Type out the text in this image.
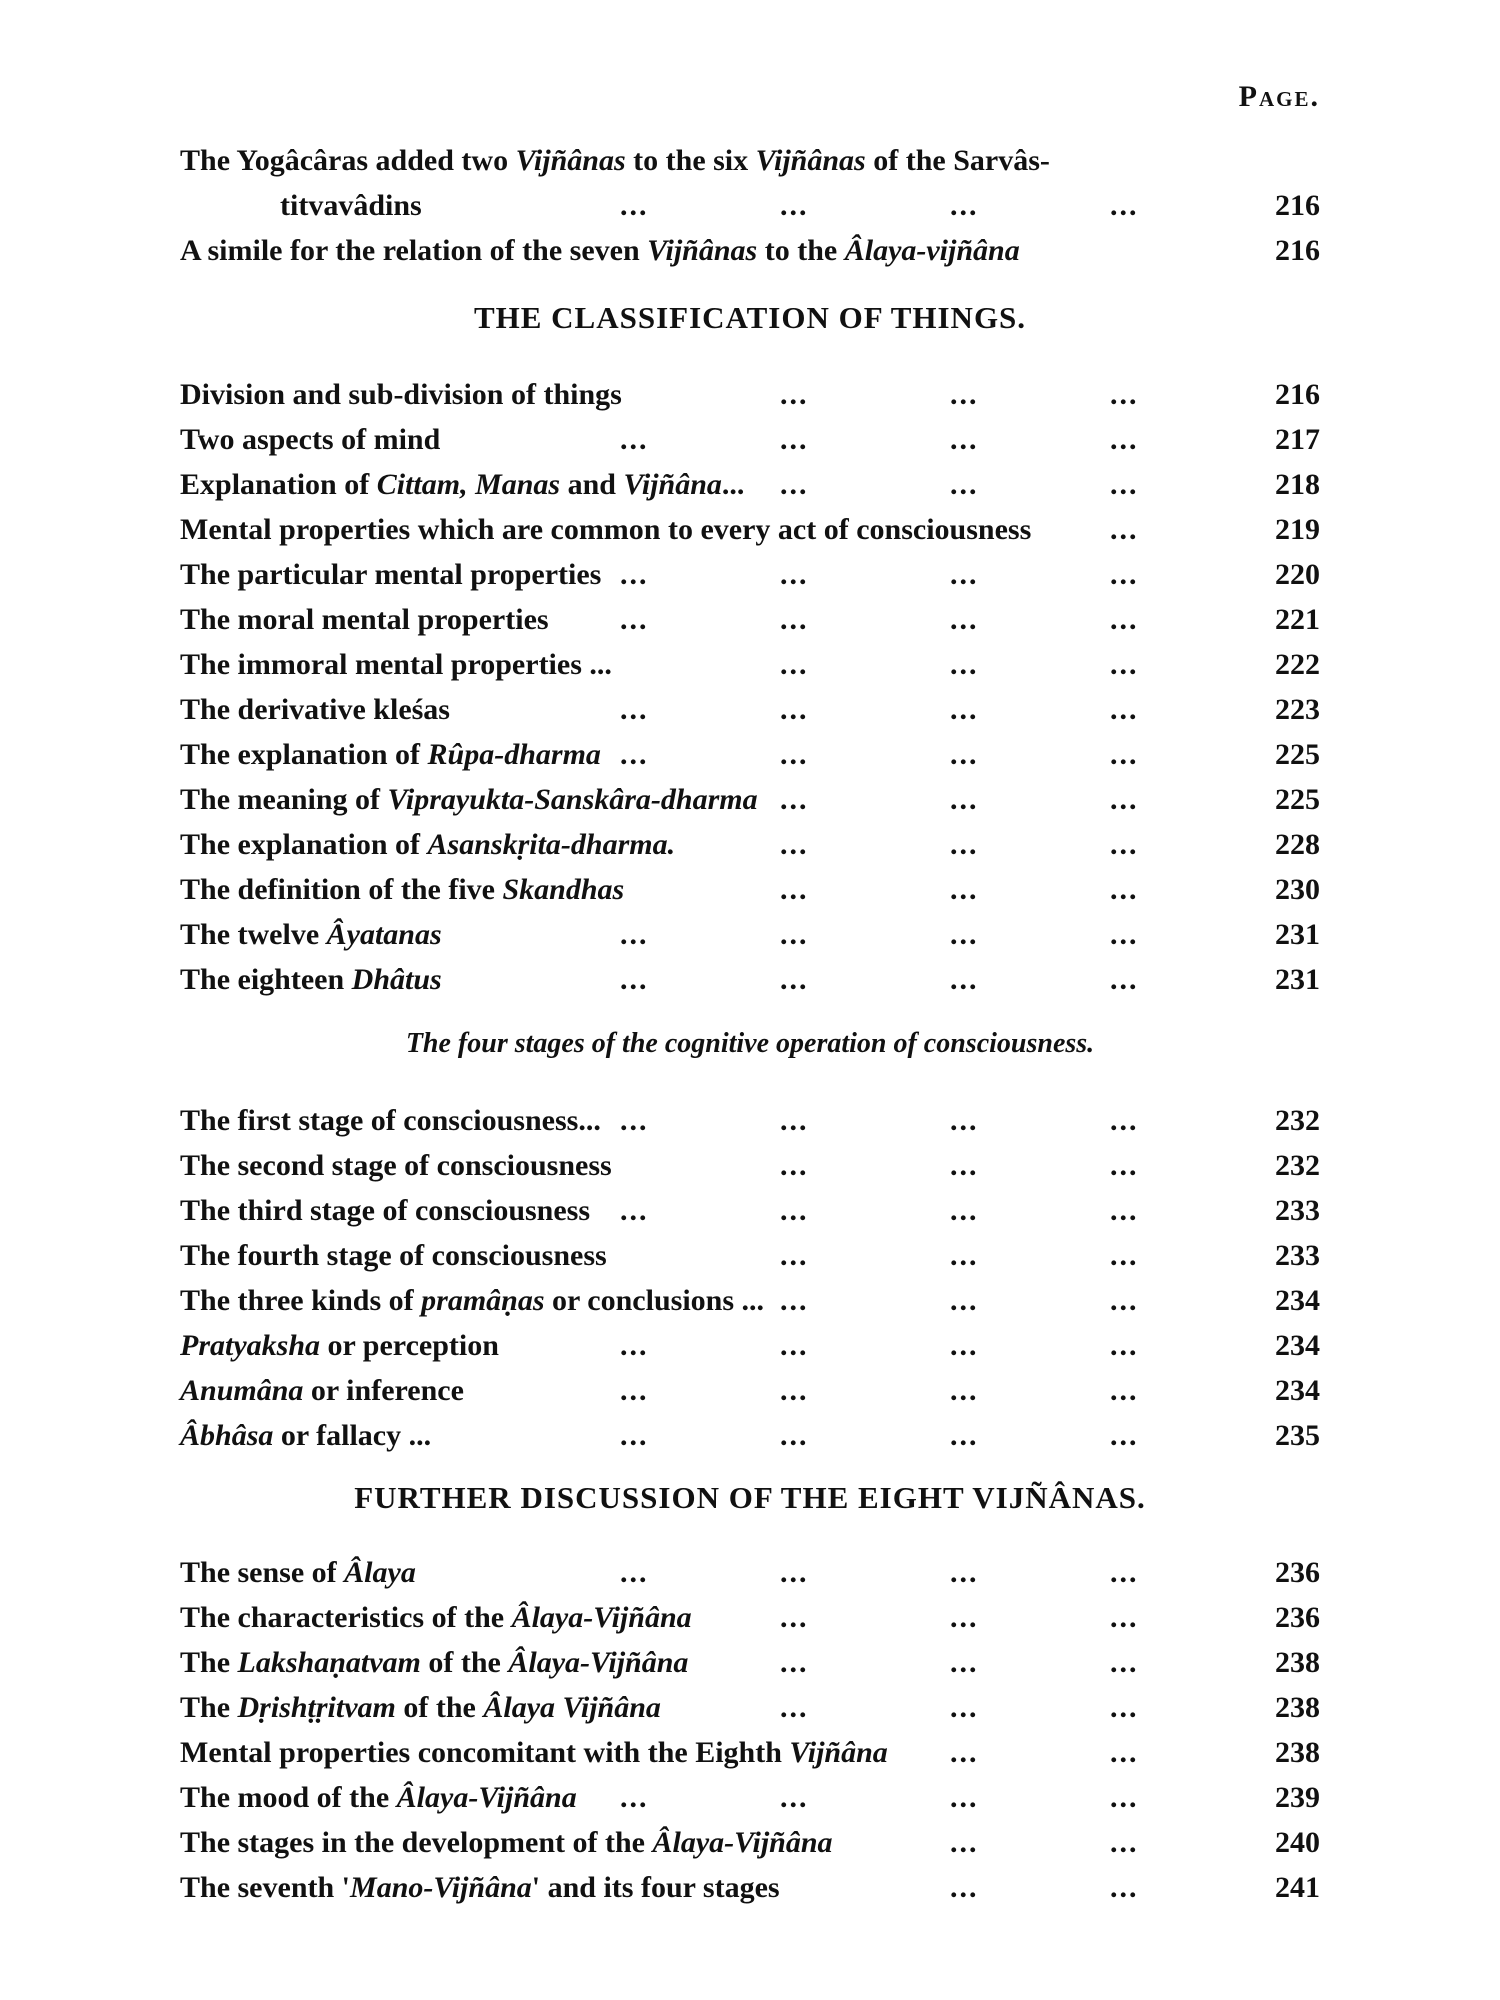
Page.
The Yogâcâras added two Vijñânas to the six Vijñânas of the Sarvâs-
titvavâdins	...	...	...	...	216
A simile for the relation of the seven Vijñânas to the Âlaya-vijñâna	216
THE CLASSIFICATION OF THINGS.
Division and sub-division of things	...	...	...	216
Two aspects of mind	...	...	...	...	217
Explanation of Cittam, Manas and Vijñâna... ...	...	...	218
Mental properties which are common to every act of consciousness	...	219
The particular mental properties ...	...	...	...	220
The moral mental properties ...	...	...	...	221
The immoral mental properties ...	...	...	...	222
The derivative kleśas	...	...	...	...	223
The explanation of Rûpa-dharma ...	...	...	...	225
The meaning of Viprayukta-Sanskâra-dharma ...	...	...	225
The explanation of Asanskṛita-dharma.	...	...	...	228
The definition of the five Skandhas	...	...	...	230
The twelve Âyatanas	...	...	...	...	231
The eighteen Dhâtus	...	...	...	...	231
The four stages of the cognitive operation of consciousness.
The first stage of consciousness... ...	...	...	...	232
The second stage of consciousness	...	...	...	232
The third stage of consciousness ...	...	...	...	233
The fourth stage of consciousness	...	...	...	233
The three kinds of pramâṇas or conclusions ... ...	...	...	234
Pratyaksha or perception	...	...	...	...	234
Anumâna or inference	...	...	...	...	234
Âbhâsa or fallacy ...	...	...	...	...	235
FURTHER DISCUSSION OF THE EIGHT VIJÑÂNAS.
The sense of Âlaya	...	...	...	...	236
The characteristics of the Âlaya-Vijñâna	...	...	...	236
The Lakshaṇatvam of the Âlaya-Vijñâna	...	...	...	238
The Dṛishṭṛitvam of the Âlaya Vijñâna	...	...	...	238
Mental properties concomitant with the Eighth Vijñâna ...	...	238
The mood of the Âlaya-Vijñâna ...	...	...	...	239
The stages in the development of the Âlaya-Vijñâna	...	...	240
The seventh 'Mano-Vijñâna' and its four stages	...	...	241
